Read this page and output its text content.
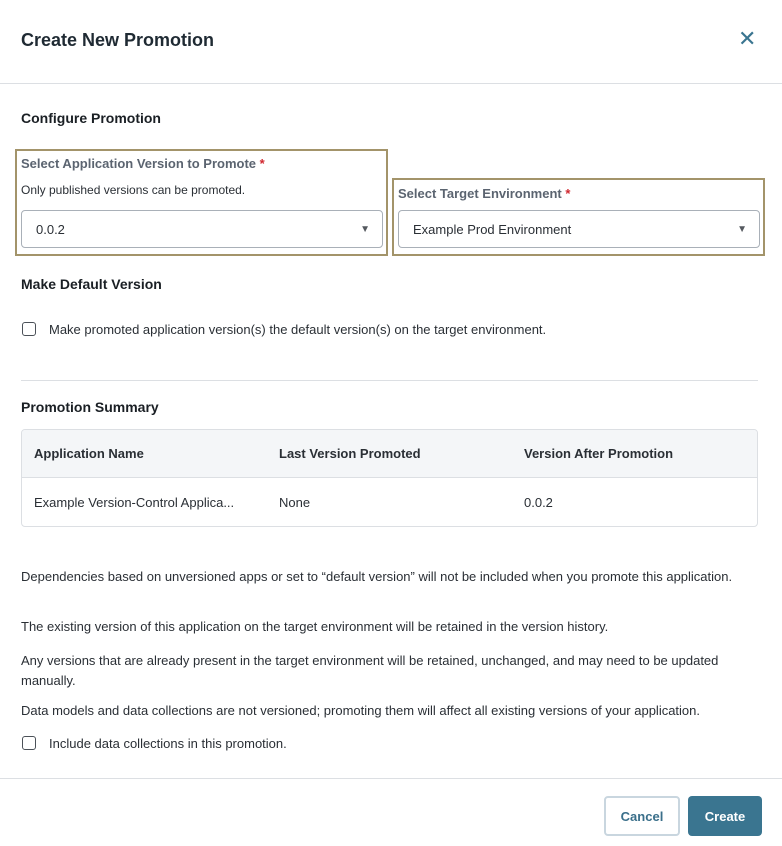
Create New Promotion	✕
Configure Promotion
Select Application Version to Promote *
Only published versions can be promoted.
0.0.2	▼
Select Target Environment *
Example Prod Environment	▼
Make Default Version
Make promoted application version(s) the default version(s) on the target environment.
Promotion Summary
Application Name	Last Version Promoted	Version After Promotion
Example Version-Control Applica...	None	0.0.2
Dependencies based on unversioned apps or set to “default version” will not be included when you promote this application.
The existing version of this application on the target environment will be retained in the version history.
Any versions that are already present in the target environment will be retained, unchanged, and may need to be updated manually.
Data models and data collections are not versioned; promoting them will affect all existing versions of your application.
Include data collections in this promotion.
Cancel	Create
